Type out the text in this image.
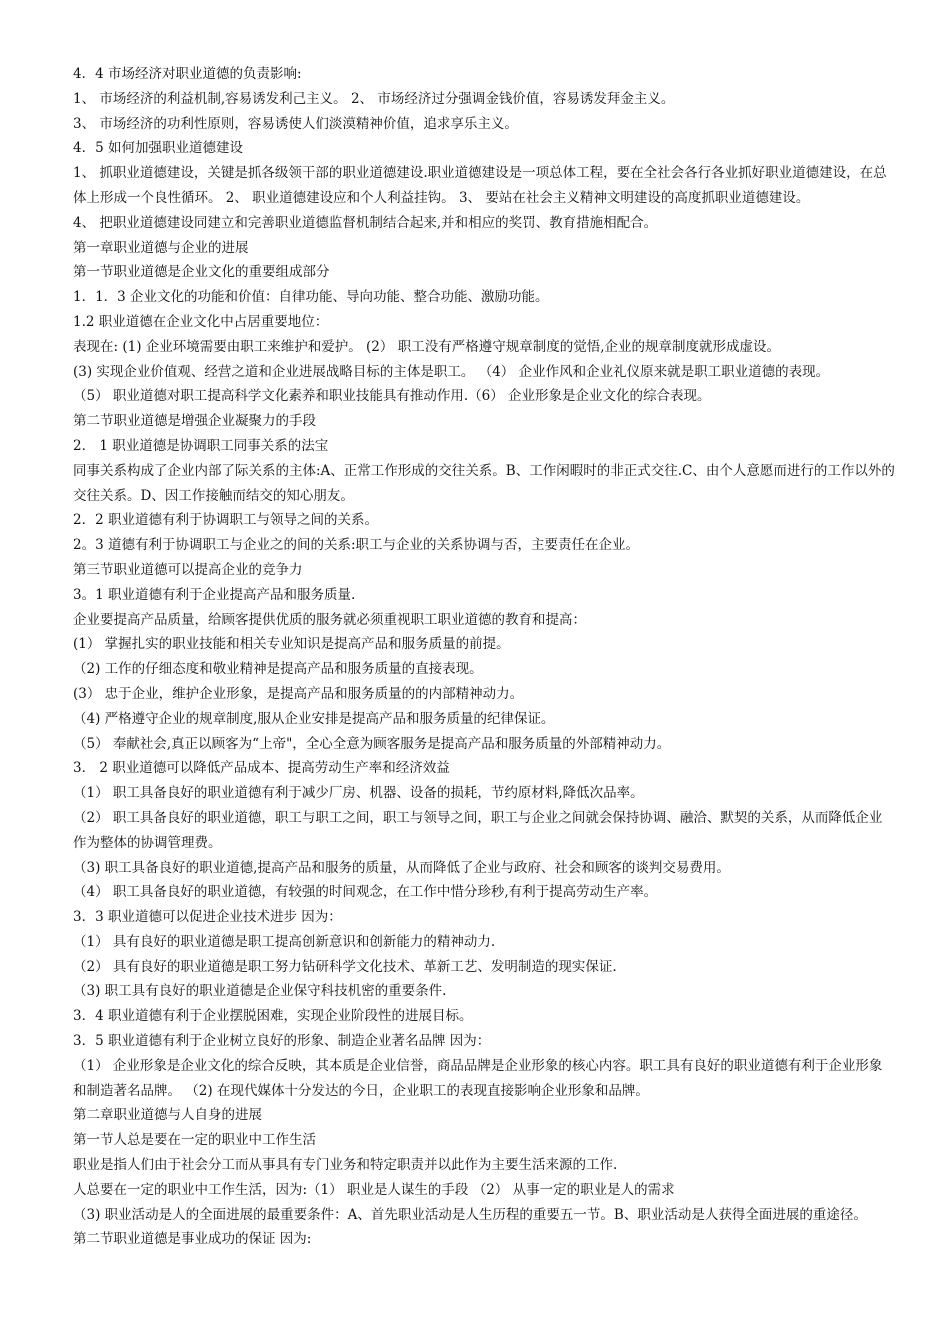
4．4 市场经济对职业道德的负责影响:

1、 市场经济的利益机制,容易诱发利己主义。 2、 市场经济过分强调金钱价值，容易诱发拜金主义。

3、 市场经济的功利性原则，容易诱使人们淡漠精神价值，追求享乐主义。

4．5 如何加强职业道德建设

1、 抓职业道德建设，关键是抓各级领干部的职业道德建设.职业道德建设是一项总体工程，要在全社会各行各业抓好职业道德建设，在总体上形成一个良性循环。 2、 职业道德建设应和个人利益挂钩。 3、 要站在社会主义精神文明建设的高度抓职业道德建设。

4、 把职业道德建设同建立和完善职业道德监督机制结合起来,并和相应的奖罚、教育措施相配合。

第一章职业道德与企业的进展

第一节职业道德是企业文化的重要组成部分

1．1．3 企业文化的功能和价值：自律功能、导向功能、整合功能、激励功能。

1.2 职业道德在企业文化中占居重要地位：

表现在: (1) 企业环境需要由职工来维护和爱护。 (2） 职工没有严格遵守规章制度的觉悟,企业的规章制度就形成虚设。

(3) 实现企业价值观、经营之道和企业进展战略目标的主体是职工。 （4） 企业作风和企业礼仪原来就是职工职业道德的表现。

（5） 职业道德对职工提高科学文化素养和职业技能具有推动作用.（6） 企业形象是企业文化的综合表现。

第二节职业道德是增强企业凝聚力的手段

2． 1 职业道德是协调职工同事关系的法宝

同事关系构成了企业内部了际关系的主体:A、正常工作形成的交往关系。B、工作闲暇时的非正式交往.C、由个人意愿而进行的工作以外的交往关系。D、因工作接触而结交的知心朋友。

2．2 职业道德有利于协调职工与领导之间的关系。

2。3 道德有利于协调职工与企业之的间的关系:职工与企业的关系协调与否，主要责任在企业。

第三节职业道德可以提高企业的竞争力

3。1 职业道德有利于企业提高产品和服务质量.

企业要提高产品质量，给顾客提供优质的服务就必须重视职工职业道德的教育和提高：

(1） 掌握扎实的职业技能和相关专业知识是提高产品和服务质量的前提。

（2) 工作的仔细态度和敬业精神是提高产品和服务质量的直接表现。

(3） 忠于企业，维护企业形象，是提高产品和服务质量的的内部精神动力。

（4) 严格遵守企业的规章制度,服从企业安排是提高产品和服务质量的纪律保证。

（5） 奉献社会,真正以顾客为“上帝"，全心全意为顾客服务是提高产品和服务质量的外部精神动力。

3． 2 职业道德可以降低产品成本、提高劳动生产率和经济效益

（1） 职工具备良好的职业道德有利于减少厂房、机器、设备的损耗，节约原材料,降低次品率。

（2） 职工具备良好的职业道德，职工与职工之间，职工与领导之间，职工与企业之间就会保持协调、融洽、默契的关系，从而降低企业作为整体的协调管理费。

（3) 职工具备良好的职业道德,提高产品和服务的质量，从而降低了企业与政府、社会和顾客的谈判交易费用。

（4） 职工具备良好的职业道德，有较强的时间观念，在工作中惜分珍秒,有利于提高劳动生产率。

3．3 职业道德可以促进企业技术进步 因为：

（1） 具有良好的职业道德是职工提高创新意识和创新能力的精神动力.

（2） 具有良好的职业道德是职工努力钻研科学文化技术、革新工艺、发明制造的现实保证.

（3) 职工具有良好的职业道德是企业保守科技机密的重要条件.

3．4 职业道德有利于企业摆脱困难，实现企业阶段性的进展目标。

3．5 职业道德有利于企业树立良好的形象、制造企业著名品牌 因为：

（1） 企业形象是企业文化的综合反映，其本质是企业信誉，商品品牌是企业形象的核心内容。职工具有良好的职业道德有利于企业形象和制造著名品牌。 （2) 在现代媒体十分发达的今日，企业职工的表现直接影响企业形象和品牌。

第二章职业道德与人自身的进展

第一节人总是要在一定的职业中工作生活

职业是指人们由于社会分工而从事具有专门业务和特定职责并以此作为主要生活来源的工作.

人总要在一定的职业中工作生活，因为:（1） 职业是人谋生的手段 （2） 从事一定的职业是人的需求

（3) 职业活动是人的全面进展的最重要条件：A、首先职业活动是人生历程的重要五一节。B、职业活动是人获得全面进展的重途径。

第二节职业道德是事业成功的保证 因为:
